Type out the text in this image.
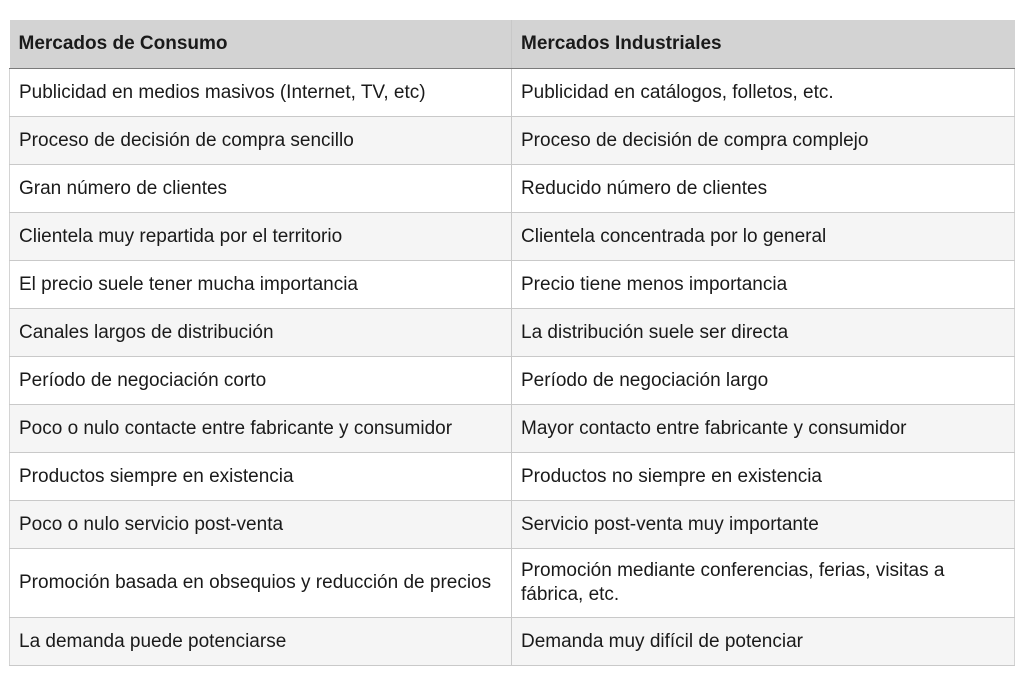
Mercados de Consumo	Mercados Industriales
Publicidad en medios masivos (Internet, TV, etc)	Publicidad en catálogos, folletos, etc.
Proceso de decisión de compra sencillo	Proceso de decisión de compra complejo
Gran número de clientes	Reducido número de clientes
Clientela muy repartida por el territorio	Clientela concentrada por lo general
El precio suele tener mucha importancia	Precio tiene menos importancia
Canales largos de distribución	La distribución suele ser directa
Período de negociación corto	Período de negociación largo
Poco o nulo contacte entre fabricante y consumidor	Mayor contacto entre fabricante y consumidor
Productos siempre en existencia	Productos no siempre en existencia
Poco o nulo servicio post-venta	Servicio post-venta muy importante
Promoción basada en obsequios y reducción de precios	Promoción mediante conferencias, ferias, visitas a fábrica, etc.
La demanda puede potenciarse	Demanda muy difícil de potenciar
